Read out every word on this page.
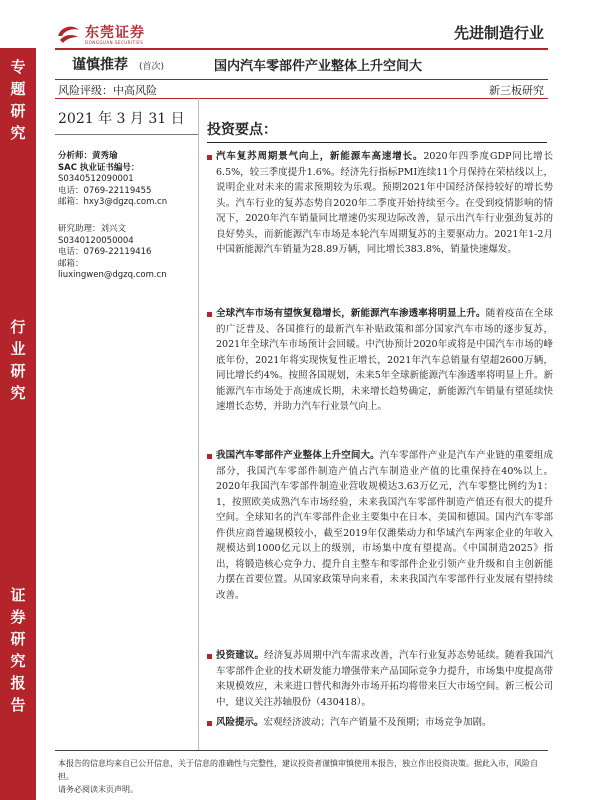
东莞证券
DONGGUAN SECURITIES
先进制造行业
专题研究
行业研究
证券研究报告
谨慎推荐 (首次)	国内汽车零部件产业整体上升空间大
风险评级：中高风险	新三板研究
2021 年 3 月 31 日
分析师：黄秀瑜
SAC 执业证书编号：
S0340512090001
电话：0769-22119455
邮箱：hxy3@dgzq.com.cn
研究助理：刘兴文
S0340120050004
电话：0769-22119416
邮箱：
liuxingwen@dgzq.com.cn
投资要点：
汽车复苏周期景气向上，新能源车高速增长。2020年四季度GDP同比增长6.5%，较三季度提升1.6%。经济先行指标PMI连续11个月保持在荣枯线以上，说明企业对未来的需求预期较为乐观。预期2021年中国经济保持较好的增长势头。汽车行业的复苏态势自2020年二季度开始持续至今。在受到疫情影响的情况下，2020年汽车销量同比增速仍实现边际改善，显示出汽车行业强劲复苏的良好势头，而新能源汽车市场是本轮汽车周期复苏的主要驱动力。2021年1-2月中国新能源汽车销量为28.89万辆，同比增长383.8%，销量快速爆发。
全球汽车市场有望恢复稳增长，新能源汽车渗透率将明显上升。随着疫苗在全球的广泛普及、各国推行的最新汽车补贴政策和部分国家汽车市场的逐步复苏，2021年全球汽车市场预计会回暖。中汽协预计2020年或将是中国汽车市场的峰底年份，2021年将实现恢复性正增长，2021年汽车总销量有望超2600万辆，同比增长约4%。按照各国规划，未来5年全球新能源汽车渗透率将明显上升。新能源汽车市场处于高速成长期，未来增长趋势确定，新能源汽车销量有望延续快速增长态势，并助力汽车行业景气向上。
我国汽车零部件产业整体上升空间大。汽车零部件产业是汽车产业链的重要组成部分，我国汽车零部件制造产值占汽车制造业产值的比重保持在40%以上。2020年我国汽车零部件制造业营收规模达3.63万亿元，汽车零整比例约为1：1，按照欧美成熟汽车市场经验，未来我国汽车零部件制造产值还有很大的提升空间。全球知名的汽车零部件企业主要集中在日本、美国和德国。国内汽车零部件供应商普遍规模较小，截至2019年仅潍柴动力和华域汽车两家企业的年收入规模达到1000亿元以上的级别，市场集中度有望提高。《中国制造2025》指出，将锻造核心竞争力、提升自主整车和零部件企业引领产业升级和自主创新能力摆在首要位置。从国家政策导向来看，未来我国汽车零部件行业发展有望持续改善。
投资建议。经济复苏周期中汽车需求改善，汽车行业复苏态势延续。随着我国汽车零部件企业的技术研发能力增强带来产品国际竞争力提升，市场集中度提高带来规模效应，未来进口替代和海外市场开拓均将带来巨大市场空间。新三板公司中，建议关注苏轴股份（430418）。
风险提示。宏观经济波动；汽车产销量不及预期；市场竞争加剧。
本报告的信息均来自已公开信息，关于信息的准确性与完整性，建议投资者谨慎审慎使用本报告，独立作出投资决策。据此入市，风险自担。
请务必阅读末页声明。
